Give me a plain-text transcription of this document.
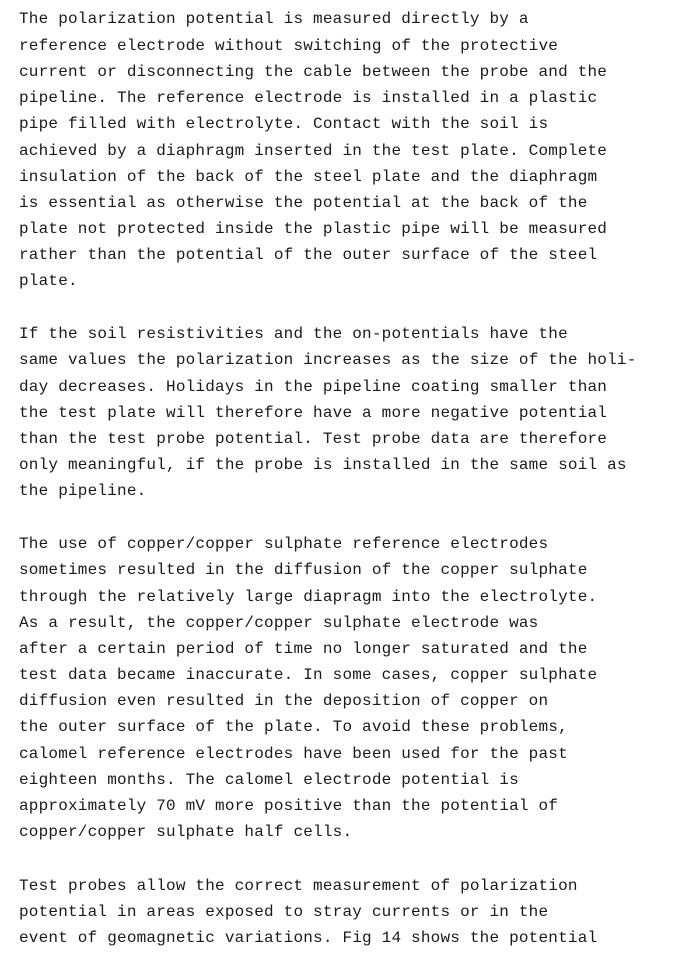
The polarization potential is measured directly by a
reference electrode without switching of the protective
current or disconnecting the cable between the probe and the
pipeline. The reference electrode is installed in a plastic
pipe filled with electrolyte. Contact with the soil is
achieved by a diaphragm inserted in the test plate. Complete
insulation of the back of the steel plate and the diaphragm
is essential as otherwise the potential at the back of the
plate not protected inside the plastic pipe will be measured
rather than the potential of the outer surface of the steel
plate.
If the soil resistivities and the on-potentials have the
same values the polarization increases as the size of the holi-
day decreases. Holidays in the pipeline coating smaller than
the test plate will therefore have a more negative potential
than the test probe potential. Test probe data are therefore
only meaningful, if the probe is installed in the same soil as
the pipeline.
The use of copper/copper sulphate reference electrodes
sometimes resulted in the diffusion of the copper sulphate
through the relatively large diapragm into the electrolyte.
As a result, the copper/copper sulphate electrode was
after a certain period of time no longer saturated and the
test data became inaccurate. In some cases, copper sulphate
diffusion even resulted in the deposition of copper on
the outer surface of the plate. To avoid these problems,
calomel reference electrodes have been used for the past
eighteen months. The calomel electrode potential is
approximately 70 mV more positive than the potential of
copper/copper sulphate half cells.
Test probes allow the correct measurement of polarization
potential in areas exposed to stray currents or in the
event of geomagnetic variations. Fig 14 shows the potential
